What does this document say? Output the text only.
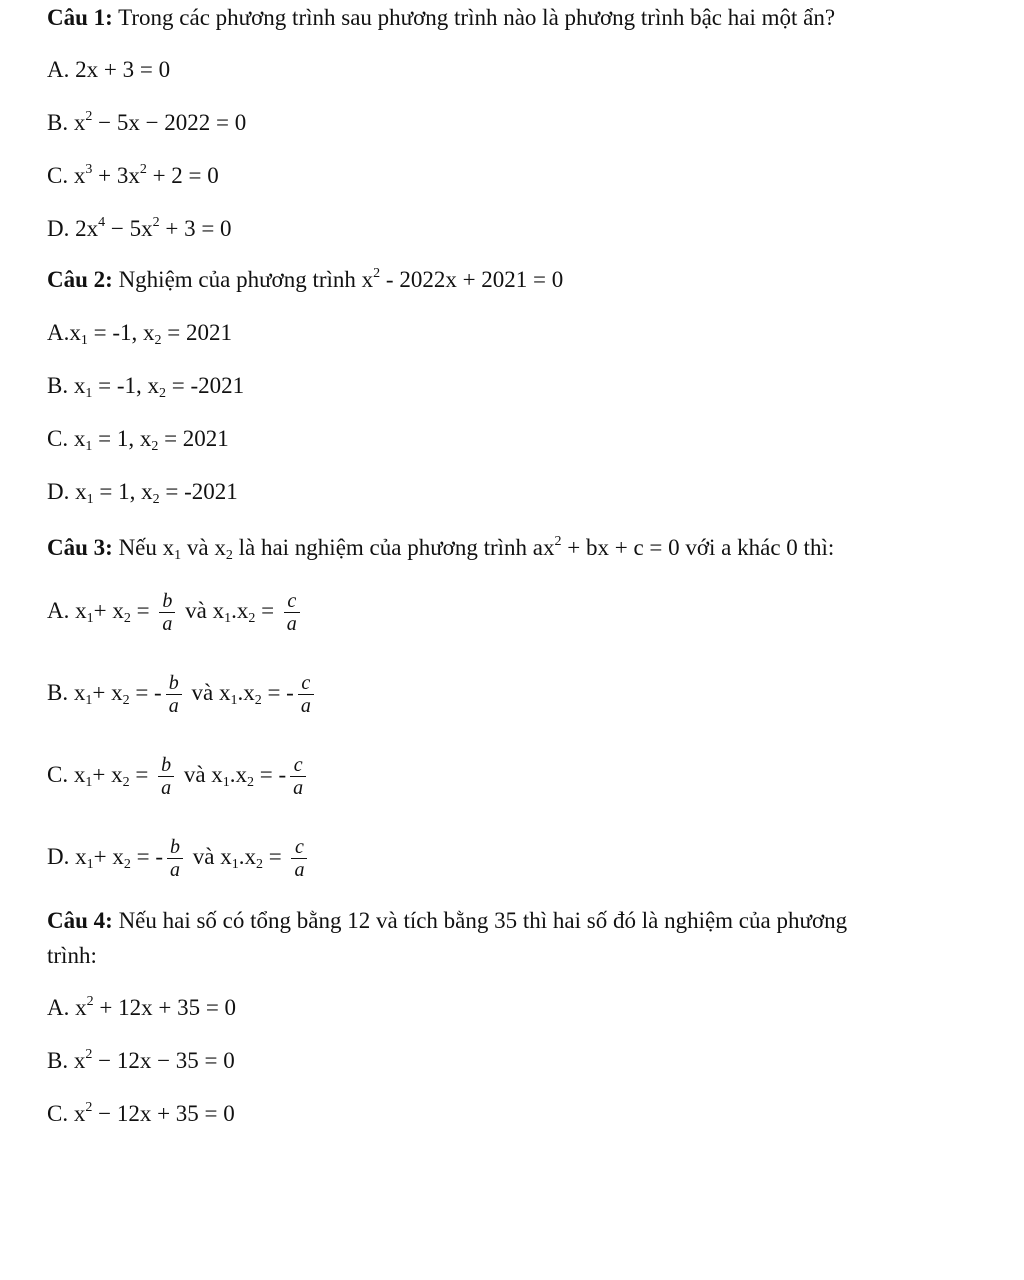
Câu 1: Trong các phương trình sau phương trình nào là phương trình bậc hai một ẩn?
A. 2x + 3 = 0
B. $x^2 - 5x - 2022 = 0$
C. $x^3 + 3x^2 + 2 = 0$
D. $2x^4 - 5x^2 + 3 = 0$
Câu 2: Nghiệm của phương trình $x^2 - 2022x + 2021 = 0$
$A.x_1 = -1$, $x_2 = 2021$
B. $x_1 = -1$, $x_2 = -2021$
C. $x_1 = 1$, $x_2 = 2021$
D. $x_1 = 1$, $x_2 = -2021$
Câu 3: Nếu $x_1$ và $x_2$ là hai nghiệm của phương trình $ax^2$ + bx + c = 0 với a khác 0 thì:
A. $x_1+ x_2 = \frac{b}{a}$ và $x_1.x_2 = \frac{c}{a}$
B. $x_1+ x_2$ = - $\frac{b}{a}$ và $x_1.x_2$ = - $\frac{c}{a}$
C. $x_1+ x_2 = \frac{b}{a}$ và $x_1.x_2$ = - $\frac{c}{a}$
D. $x_1+ x_2$ = - $\frac{b}{a}$ và $x_1.x_2 = \frac{c}{a}$
Câu 4: Nếu hai số có tổng bằng 12 và tích bằng 35 thì hai số đó là nghiệm của phương
trình:
A. $x^2 + 12x + 35 = 0$
B. $x^2 - 12x - 35 = 0$
C. $x^2 - 12x + 35 = 0$
